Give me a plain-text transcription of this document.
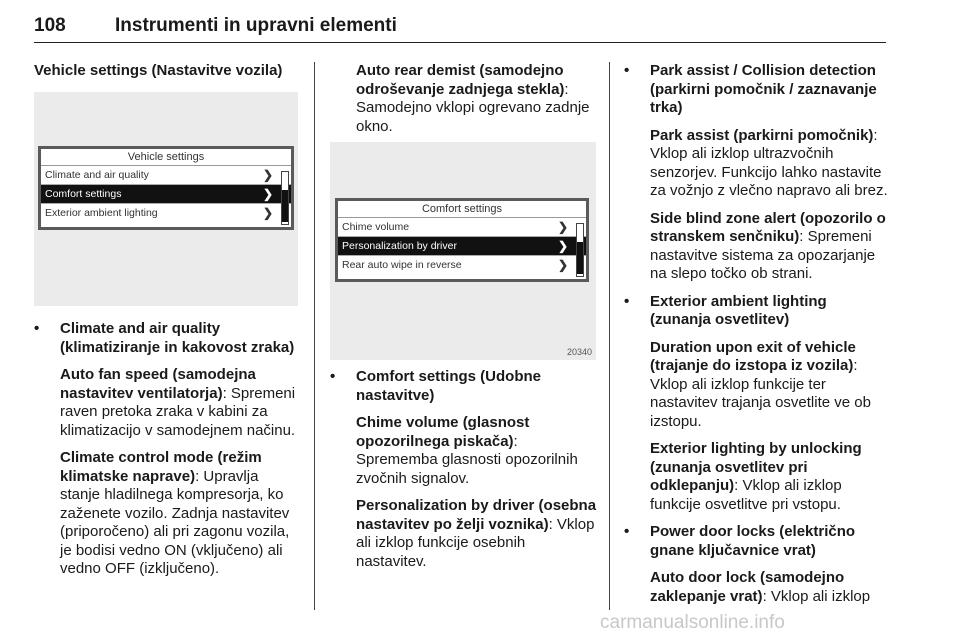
108	Instrumenti in upravni elementi

Vehicle settings (Nastavitve vozila)

Vehicle settings
Climate and air quality	❯
Comfort settings	❯
Exterior ambient lighting	❯
• Climate and air quality (klimatiziranje in kakovost zraka)

Auto fan speed (samodejna nastavitev ventilatorja): Spremeni raven pretoka zraka v kabini za klimatizacijo v samodejnem načinu.

Climate control mode (režim klimatske naprave): Upravlja stanje hladilnega kompresorja, ko zaženete vozilo. Zadnja nastavitev (priporočeno) ali pri zagonu vozila, je bodisi vedno ON (vključeno) ali vedno OFF (izključeno).

Auto rear demist (samodejno odroševanje zadnjega stekla): Samodejno vklopi ogrevano zadnje okno.

Comfort settings
Chime volume	❯
Personalization by driver	❯
Rear auto wipe in reverse	❯
20340
• Comfort settings (Udobne nastavitve)

Chime volume (glasnost opozorilnega piskača): Sprememba glasnosti opozorilnih zvočnih signalov.

Personalization by driver (osebna nastavitev po želji voznika): Vklop ali izklop funkcije osebnih nastavitev.

• Park assist / Collision detection (parkirni pomočnik / zaznavanje trka)

Park assist (parkirni pomočnik): Vklop ali izklop ultrazvočnih senzorjev. Funkcijo lahko nastavite za vožnjo z vlečno napravo ali brez.

Side blind zone alert (opozorilo o stranskem senčniku): Spremeni nastavitve sistema za opozarjanje na slepo točko ob strani.

• Exterior ambient lighting (zunanja osvetlitev)

Duration upon exit of vehicle (trajanje do izstopa iz vozila): Vklop ali izklop funkcije ter nastavitev trajanja osvetlite ve ob izstopu.

Exterior lighting by unlocking (zunanja osvetlitev pri odklepanju): Vklop ali izklop funkcije osvetlitve pri vstopu.

• Power door locks (električno gnane ključavnice vrat)

Auto door lock (samodejno zaklepanje vrat): Vklop ali izklop

carmanualsonline.info
